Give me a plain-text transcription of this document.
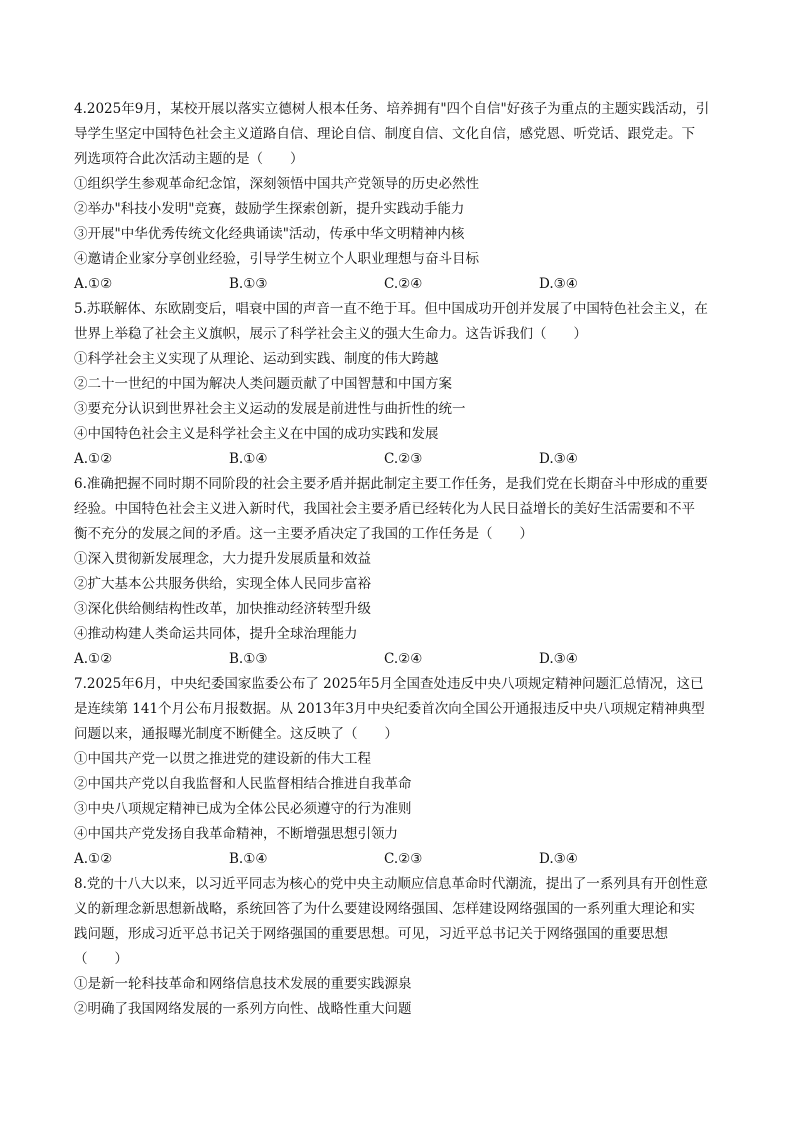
4.2025年9月，某校开展以落实立德树人根本任务、培养拥有"四个自信"好孩子为重点的主题实践活动，引
导学生坚定中国特色社会主义道路自信、理论自信、制度自信、文化自信，感党恩、听党话、跟党走。下
列选项符合此次活动主题的是（　　）
①组织学生参观革命纪念馆，深刻领悟中国共产党领导的历史必然性
②举办"科技小发明"竞赛，鼓励学生探索创新，提升实践动手能力
③开展"中华优秀传统文化经典诵读"活动，传承中华文明精神内核
④邀请企业家分享创业经验，引导学生树立个人职业理想与奋斗目标
A.①②	B.①③	C.②④	D.③④
5.苏联解体、东欧剧变后，唱衰中国的声音一直不绝于耳。但中国成功开创并发展了中国特色社会主义，在
世界上举稳了社会主义旗帜，展示了科学社会主义的强大生命力。这告诉我们（　　）
①科学社会主义实现了从理论、运动到实践、制度的伟大跨越
②二十一世纪的中国为解决人类问题贡献了中国智慧和中国方案
③要充分认识到世界社会主义运动的发展是前进性与曲折性的统一
④中国特色社会主义是科学社会主义在中国的成功实践和发展
A.①②	B.①④	C.②③	D.③④
6.准确把握不同时期不同阶段的社会主要矛盾并据此制定主要工作任务，是我们党在长期奋斗中形成的重要
经验。中国特色社会主义进入新时代，我国社会主要矛盾已经转化为人民日益增长的美好生活需要和不平
衡不充分的发展之间的矛盾。这一主要矛盾决定了我国的工作任务是（　　）
①深入贯彻新发展理念，大力提升发展质量和效益
②扩大基本公共服务供给，实现全体人民同步富裕
③深化供给侧结构性改革，加快推动经济转型升级
④推动构建人类命运共同体，提升全球治理能力
A.①②	B.①③	C.②④	D.③④
7.2025年6月，中央纪委国家监委公布了 2025年5月全国查处违反中央八项规定精神问题汇总情况，这已
是连续第 141个月公布月报数据。从 2013年3月中央纪委首次向全国公开通报违反中央八项规定精神典型
问题以来，通报曝光制度不断健全。这反映了（　　）
①中国共产党一以贯之推进党的建设新的伟大工程
②中国共产党以自我监督和人民监督相结合推进自我革命
③中央八项规定精神已成为全体公民必须遵守的行为准则
④中国共产党发扬自我革命精神，不断增强思想引领力
A.①②	B.①④	C.②③	D.③④
8.党的十八大以来，以习近平同志为核心的党中央主动顺应信息革命时代潮流，提出了一系列具有开创性意
义的新理念新思想新战略，系统回答了为什么要建设网络强国、怎样建设网络强国的一系列重大理论和实
践问题，形成习近平总书记关于网络强国的重要思想。可见，习近平总书记关于网络强国的重要思想
（　　）
①是新一轮科技革命和网络信息技术发展的重要实践源泉
②明确了我国网络发展的一系列方向性、战略性重大问题
